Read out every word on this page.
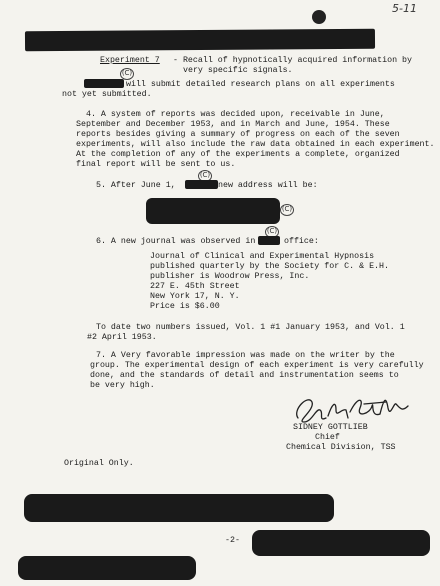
5-11
Experiment 7 - Recall of hypnotically acquired information by
very specific signals.
(C)
will submit detailed research plans on all experiments
not yet submitted.
4. A system of reports was decided upon, receivable in June,
September and December 1953, and in March and June, 1954. These
reports besides giving a summary of progress on each of the seven
experiments, will also include the raw data obtained in each experiment.
At the completion of any of the experiments a complete, organized
final report will be sent to us.
(C)
5. After June 1,	new address will be:
(C)
(C)
6. A new journal was observed in	office:
Journal of Clinical and Experimental Hypnosis
published quarterly by the Society for C. & E.H.
publisher is Woodrow Press, Inc.
227 E. 45th Street
New York 17, N. Y.
Price is $6.00
To date two numbers issued, Vol. 1 #1 January 1953, and Vol. 1
#2 April 1953.
7. A Very favorable impression was made on the writer by the
group. The experimental design of each experiment is very carefully
done, and the standards of detail and instrumentation seems to
be very high.
SIDNEY GOTTLIEB
Chief
Chemical Division, TSS
Original Only.
-2-
